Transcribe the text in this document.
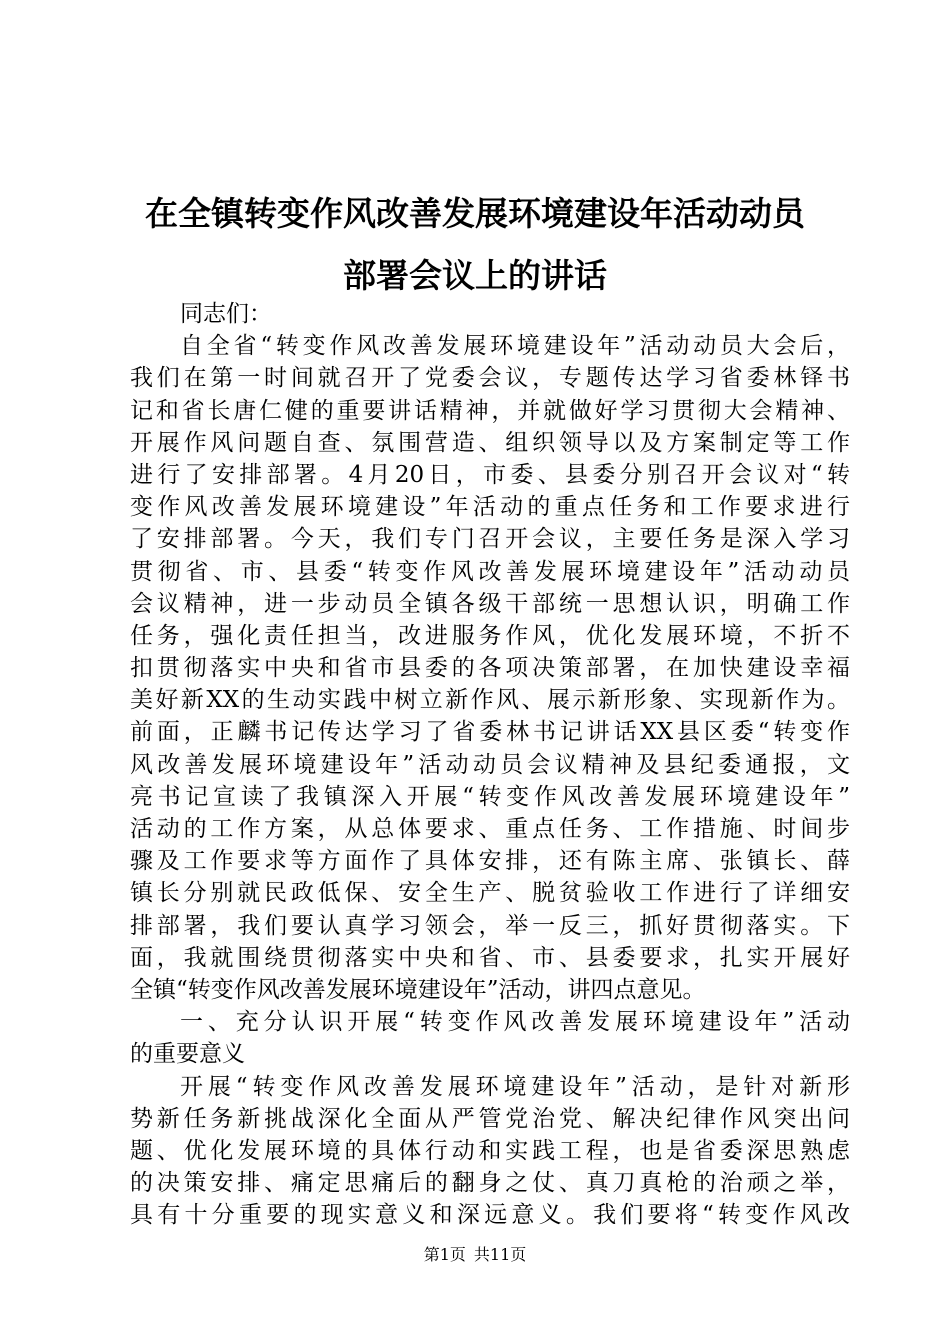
在全镇转变作风改善发展环境建设年活动动员
部署会议上的讲话
同志们：
自全省“转变作风改善发展环境建设年”活动动员大会后，
我们在第一时间就召开了党委会议，专题传达学习省委林铎书
记和省长唐仁健的重要讲话精神，并就做好学习贯彻大会精神、
开展作风问题自查、氛围营造、组织领导以及方案制定等工作
进行了安排部署。4月20日，市委、县委分别召开会议对“转
变作风改善发展环境建设”年活动的重点任务和工作要求进行
了安排部署。今天，我们专门召开会议，主要任务是深入学习
贯彻省、市、县委“转变作风改善发展环境建设年”活动动员
会议精神，进一步动员全镇各级干部统一思想认识，明确工作
任务，强化责任担当，改进服务作风，优化发展环境，不折不
扣贯彻落实中央和省市县委的各项决策部署，在加快建设幸福
美好新XX的生动实践中树立新作风、展示新形象、实现新作为。
前面，正麟书记传达学习了省委林书记讲话XX县区委“转变作
风改善发展环境建设年”活动动员会议精神及县纪委通报，文
亮书记宣读了我镇深入开展“转变作风改善发展环境建设年”
活动的工作方案，从总体要求、重点任务、工作措施、时间步
骤及工作要求等方面作了具体安排，还有陈主席、张镇长、薛
镇长分别就民政低保、安全生产、脱贫验收工作进行了详细安
排部署，我们要认真学习领会，举一反三，抓好贯彻落实。下
面，我就围绕贯彻落实中央和省、市、县委要求，扎实开展好
全镇“转变作风改善发展环境建设年”活动，讲四点意见。
一、充分认识开展“转变作风改善发展环境建设年”活动
的重要意义
开展“转变作风改善发展环境建设年”活动，是针对新形
势新任务新挑战深化全面从严管党治党、解决纪律作风突出问
题、优化发展环境的具体行动和实践工程，也是省委深思熟虑
的决策安排、痛定思痛后的翻身之仗、真刀真枪的治顽之举，
具有十分重要的现实意义和深远意义。我们要将“转变作风改
第1页 共11页
